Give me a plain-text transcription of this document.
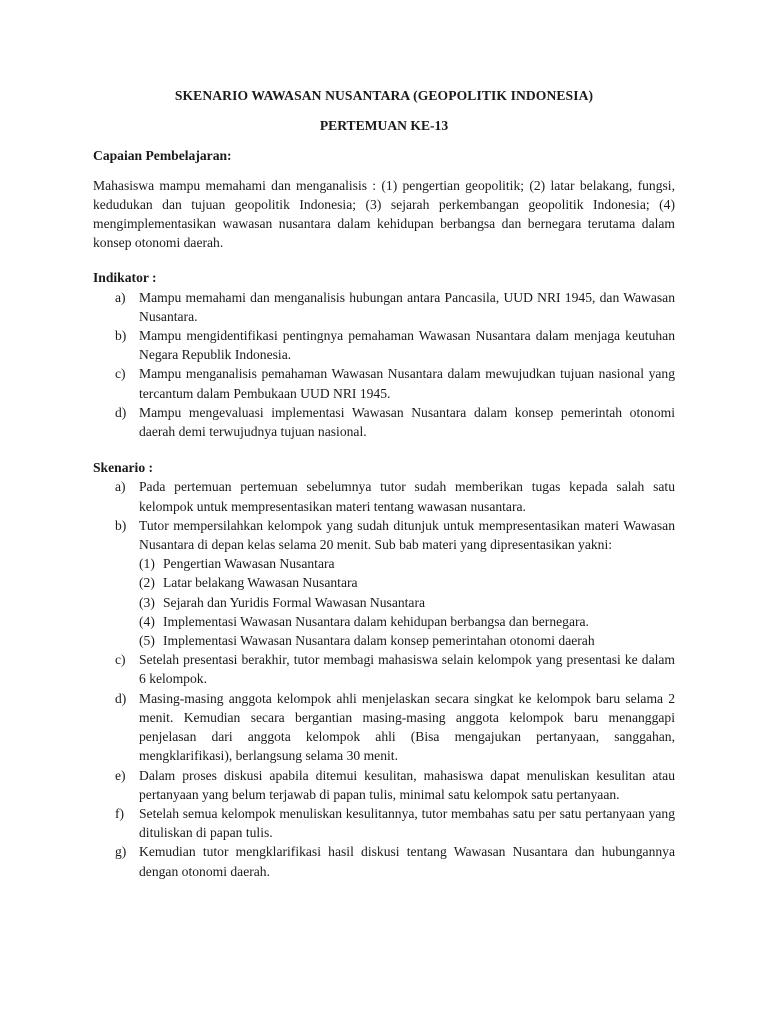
SKENARIO WAWASAN NUSANTARA (GEOPOLITIK INDONESIA)
PERTEMUAN KE-13
Capaian Pembelajaran:
Mahasiswa mampu memahami dan menganalisis : (1) pengertian geopolitik; (2) latar belakang, fungsi, kedudukan dan tujuan geopolitik Indonesia; (3) sejarah perkembangan geopolitik Indonesia; (4) mengimplementasikan wawasan nusantara dalam kehidupan berbangsa dan bernegara terutama dalam konsep otonomi daerah.
Indikator :
a) Mampu memahami dan menganalisis hubungan antara Pancasila, UUD NRI 1945, dan Wawasan Nusantara.
b) Mampu mengidentifikasi pentingnya pemahaman Wawasan Nusantara dalam menjaga keutuhan Negara Republik Indonesia.
c) Mampu menganalisis pemahaman Wawasan Nusantara dalam mewujudkan tujuan nasional yang tercantum dalam Pembukaan UUD NRI 1945.
d) Mampu mengevaluasi implementasi Wawasan Nusantara dalam konsep pemerintah otonomi daerah demi terwujudnya tujuan nasional.
Skenario :
a) Pada pertemuan pertemuan sebelumnya tutor sudah memberikan tugas kepada salah satu kelompok untuk mempresentasikan materi tentang wawasan nusantara.
b) Tutor mempersilahkan kelompok yang sudah ditunjuk untuk mempresentasikan materi Wawasan Nusantara di depan kelas selama 20 menit. Sub bab materi yang dipresentasikan yakni:
(1) Pengertian Wawasan Nusantara
(2) Latar belakang Wawasan Nusantara
(3) Sejarah dan Yuridis Formal Wawasan Nusantara
(4) Implementasi Wawasan Nusantara dalam kehidupan berbangsa dan bernegara.
(5) Implementasi Wawasan Nusantara dalam konsep pemerintahan otonomi daerah
c) Setelah presentasi berakhir, tutor membagi mahasiswa selain kelompok yang presentasi ke dalam 6 kelompok.
d) Masing-masing anggota kelompok ahli menjelaskan secara singkat ke kelompok baru selama 2 menit. Kemudian secara bergantian masing-masing anggota kelompok baru menanggapi penjelasan dari anggota kelompok ahli (Bisa mengajukan pertanyaan, sanggahan, mengklarifikasi), berlangsung selama 30 menit.
e) Dalam proses diskusi apabila ditemui kesulitan, mahasiswa dapat menuliskan kesulitan atau pertanyaan yang belum terjawab di papan tulis, minimal satu kelompok satu pertanyaan.
f) Setelah semua kelompok menuliskan kesulitannya, tutor membahas satu per satu pertanyaan yang dituliskan di papan tulis.
g) Kemudian tutor mengklarifikasi hasil diskusi tentang Wawasan Nusantara dan hubungannya dengan otonomi daerah.
